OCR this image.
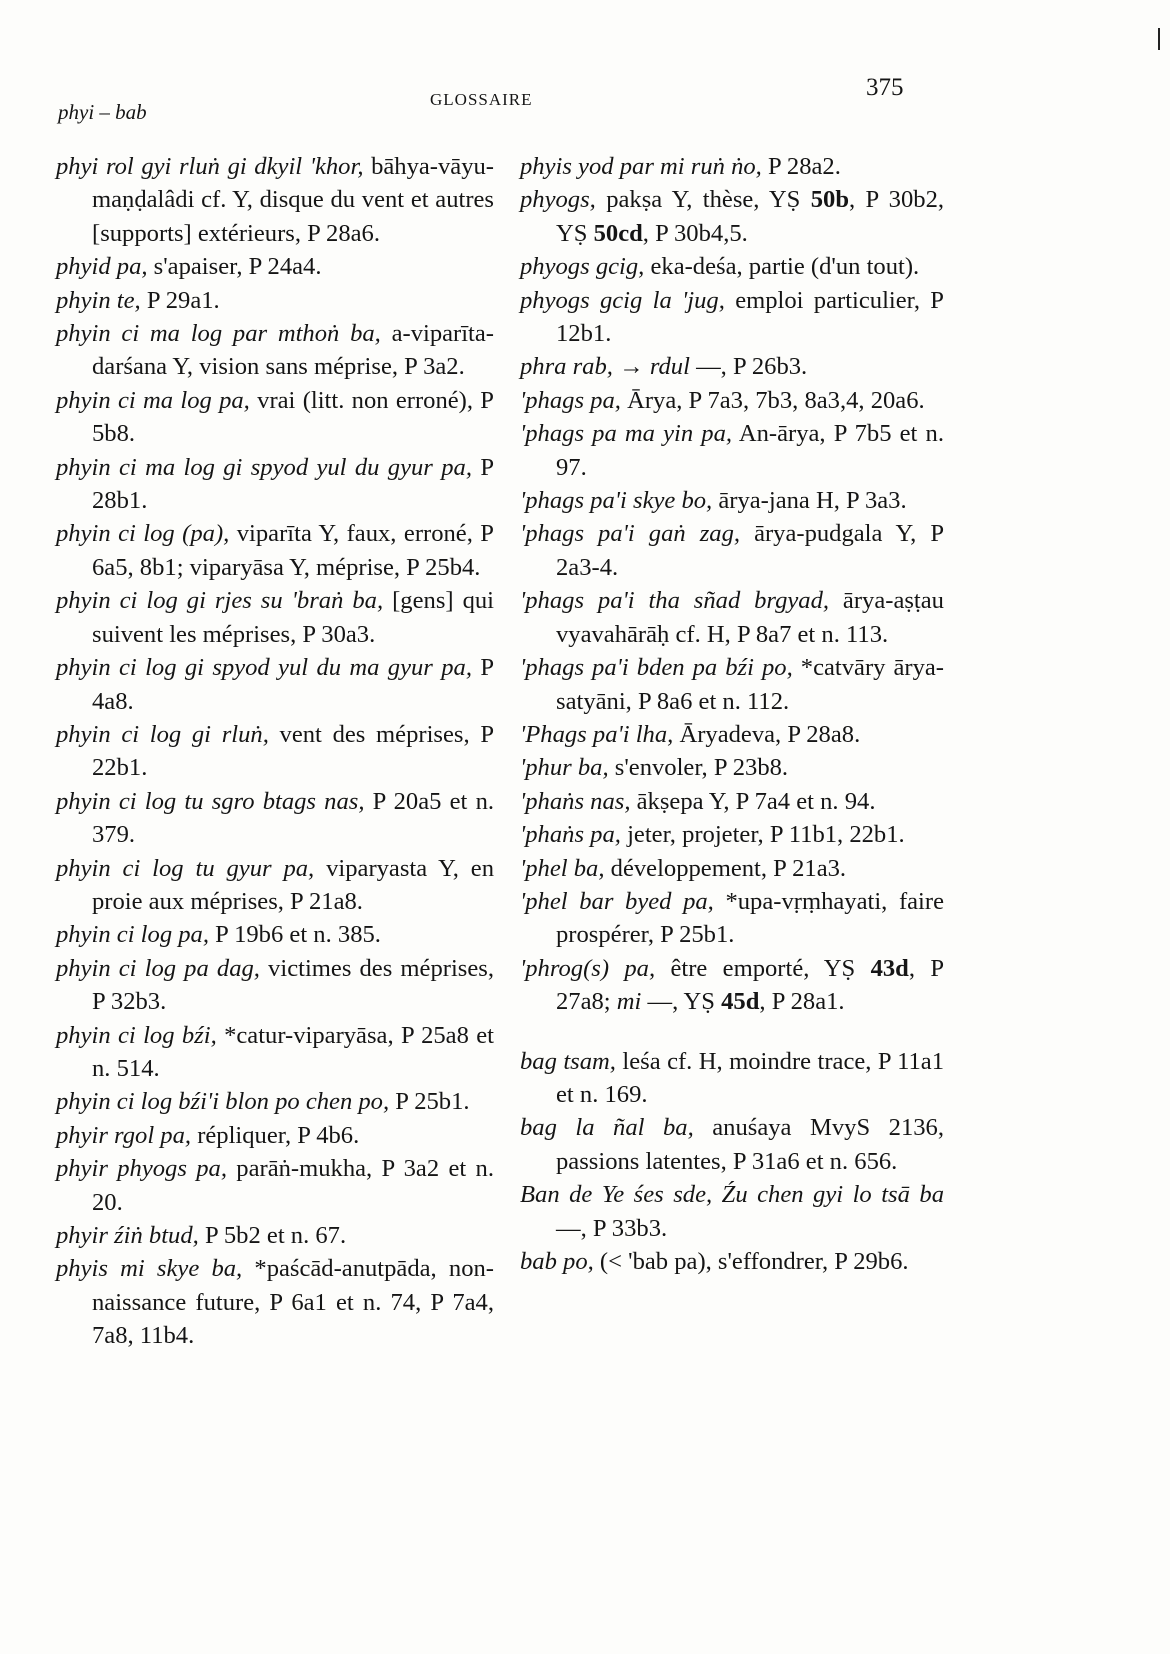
phyi – bab
GLOSSAIRE	375
phyi rol gyi rluṅ gi dkyil 'khor, bāhya-vāyu-maṇḍalâdi cf. Y, disque du vent et autres [supports] extérieurs, P 28a6.
phyid pa, s'apaiser, P 24a4.
phyin te, P 29a1.
phyin ci ma log par mthoṅ ba, a-viparīta-darśana Y, vision sans méprise, P 3a2.
phyin ci ma log pa, vrai (litt. non erroné), P 5b8.
phyin ci ma log gi spyod yul du gyur pa, P 28b1.
phyin ci log (pa), viparīta Y, faux, erroné, P 6a5, 8b1; viparyāsa Y, méprise, P 25b4.
phyin ci log gi rjes su 'braṅ ba, [gens] qui suivent les méprises, P 30a3.
phyin ci log gi spyod yul du ma gyur pa, P 4a8.
phyin ci log gi rluṅ, vent des méprises, P 22b1.
phyin ci log tu sgro btags nas, P 20a5 et n. 379.
phyin ci log tu gyur pa, viparyasta Y, en proie aux méprises, P 21a8.
phyin ci log pa, P 19b6 et n. 385.
phyin ci log pa dag, victimes des méprises, P 32b3.
phyin ci log bźi, *catur-viparyāsa, P 25a8 et n. 514.
phyin ci log bźi'i blon po chen po, P 25b1.
phyir rgol pa, répliquer, P 4b6.
phyir phyogs pa, parāṅ-mukha, P 3a2 et n. 20.
phyir źiṅ btud, P 5b2 et n. 67.
phyis mi skye ba, *paścād-anutpāda, non-naissance future, P 6a1 et n. 74, P 7a4, 7a8, 11b4.
phyis yod par mi ruṅ ṅo, P 28a2.
phyogs, pakṣa Y, thèse, YṢ 50b, P 30b2, YṢ 50cd, P 30b4,5.
phyogs gcig, eka-deśa, partie (d'un tout).
phyogs gcig la 'jug, emploi particulier, P 12b1.
phra rab, → rdul —, P 26b3.
'phags pa, Ārya, P 7a3, 7b3, 8a3,4, 20a6.
'phags pa ma yin pa, An-ārya, P 7b5 et n. 97.
'phags pa'i skye bo, ārya-jana H, P 3a3.
'phags pa'i gaṅ zag, ārya-pudgala Y, P 2a3-4.
'phags pa'i tha sñad brgyad, ārya-aṣṭau vyavahārāḥ cf. H, P 8a7 et n. 113.
'phags pa'i bden pa bźi po, *catvāry ārya-satyāni, P 8a6 et n. 112.
'Phags pa'i lha, Āryadeva, P 28a8.
'phur ba, s'envoler, P 23b8.
'phaṅs nas, ākṣepa Y, P 7a4 et n. 94.
'phaṅs pa, jeter, projeter, P 11b1, 22b1.
'phel ba, développement, P 21a3.
'phel bar byed pa, *upa-vṛṃhayati, faire prospérer, P 25b1.
'phrog(s) pa, être emporté, YṢ 43d, P 27a8; mi —, YṢ 45d, P 28a1.
bag tsam, leśa cf. H, moindre trace, P 11a1 et n. 169.
bag la ñal ba, anuśaya MvyS 2136, passions latentes, P 31a6 et n. 656.
Ban de Ye śes sde, Źu chen gyi lo tsā ba —, P 33b3.
bab po, (< 'bab pa), s'effondrer, P 29b6.
